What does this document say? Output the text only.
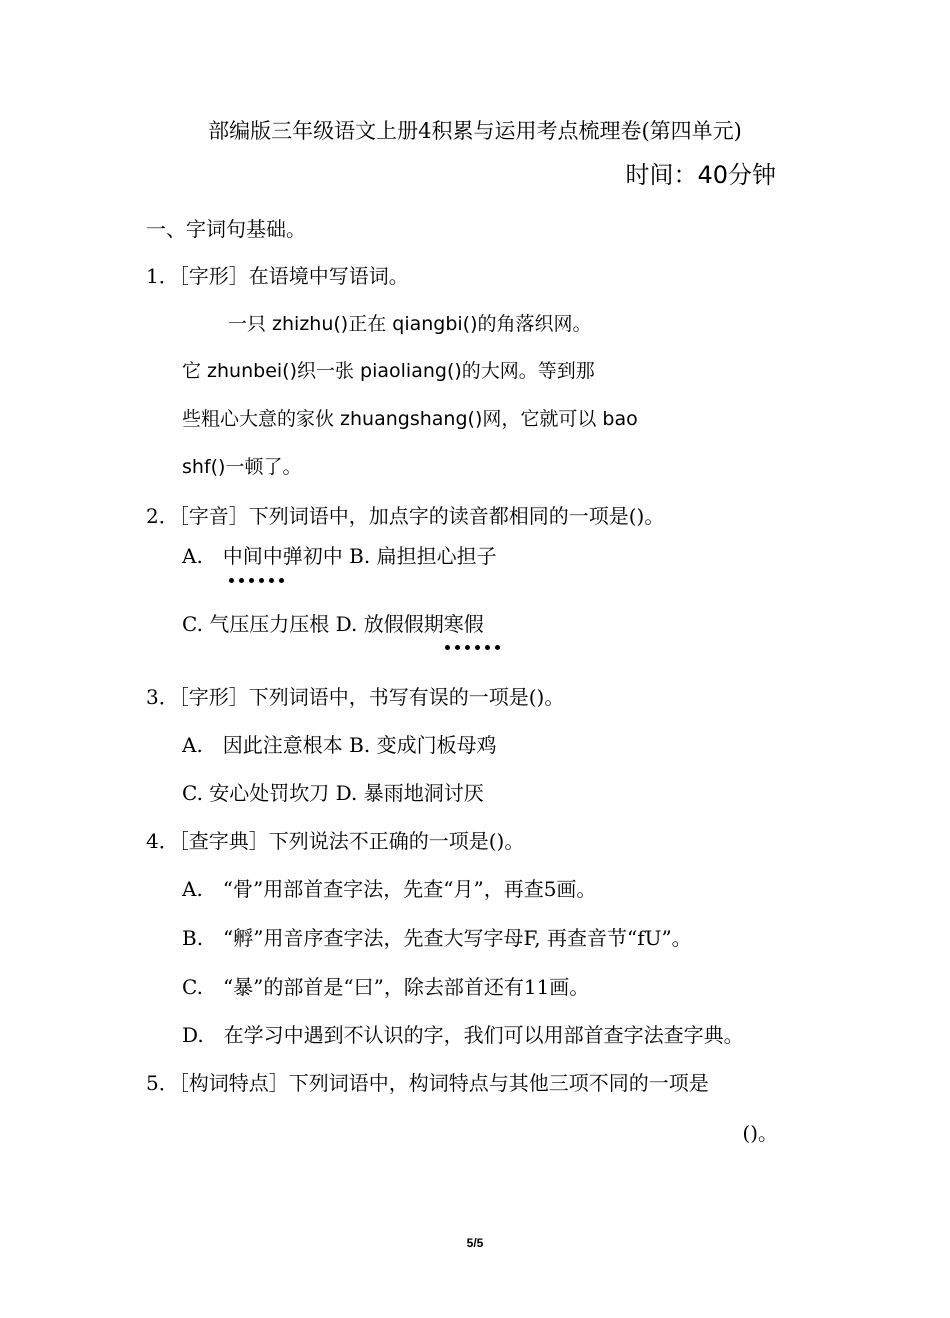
部编版三年级语文上册4积累与运用考点梳理卷(第四单元)
时间：40分钟
一、字词句基础。
1．［字形］在语境中写语词。
一只 zhizhu()正在 qiangbi()的角落织网。
它 zhunbei()织一张 piaoliang()的大网。等到那
些粗心大意的家伙 zhuangshang()网，它就可以 bao
shf()一顿了。
2．［字音］下列词语中，加点字的读音都相同的一项是()。
A.　中间中弹初中 B. 扁担担心担子
C. 气压压力压根 D. 放假假期寒假
3．［字形］下列词语中，书写有误的一项是()。
A.　因此注意根本 B. 变成门板母鸡
C. 安心处罚坎刀 D. 暴雨地洞讨厌
4．［查字典］下列说法不正确的一项是()。
A.　“骨”用部首查字法，先查“月”，再查5画。
B.　“孵”用音序查字法，先查大写字母F, 再查音节“fU”。
C.　“暴”的部首是“曰”，除去部首还有11画。
D.　在学习中遇到不认识的字，我们可以用部首查字法查字典。
5．［构词特点］下列词语中，构词特点与其他三项不同的一项是
()。
5/5
